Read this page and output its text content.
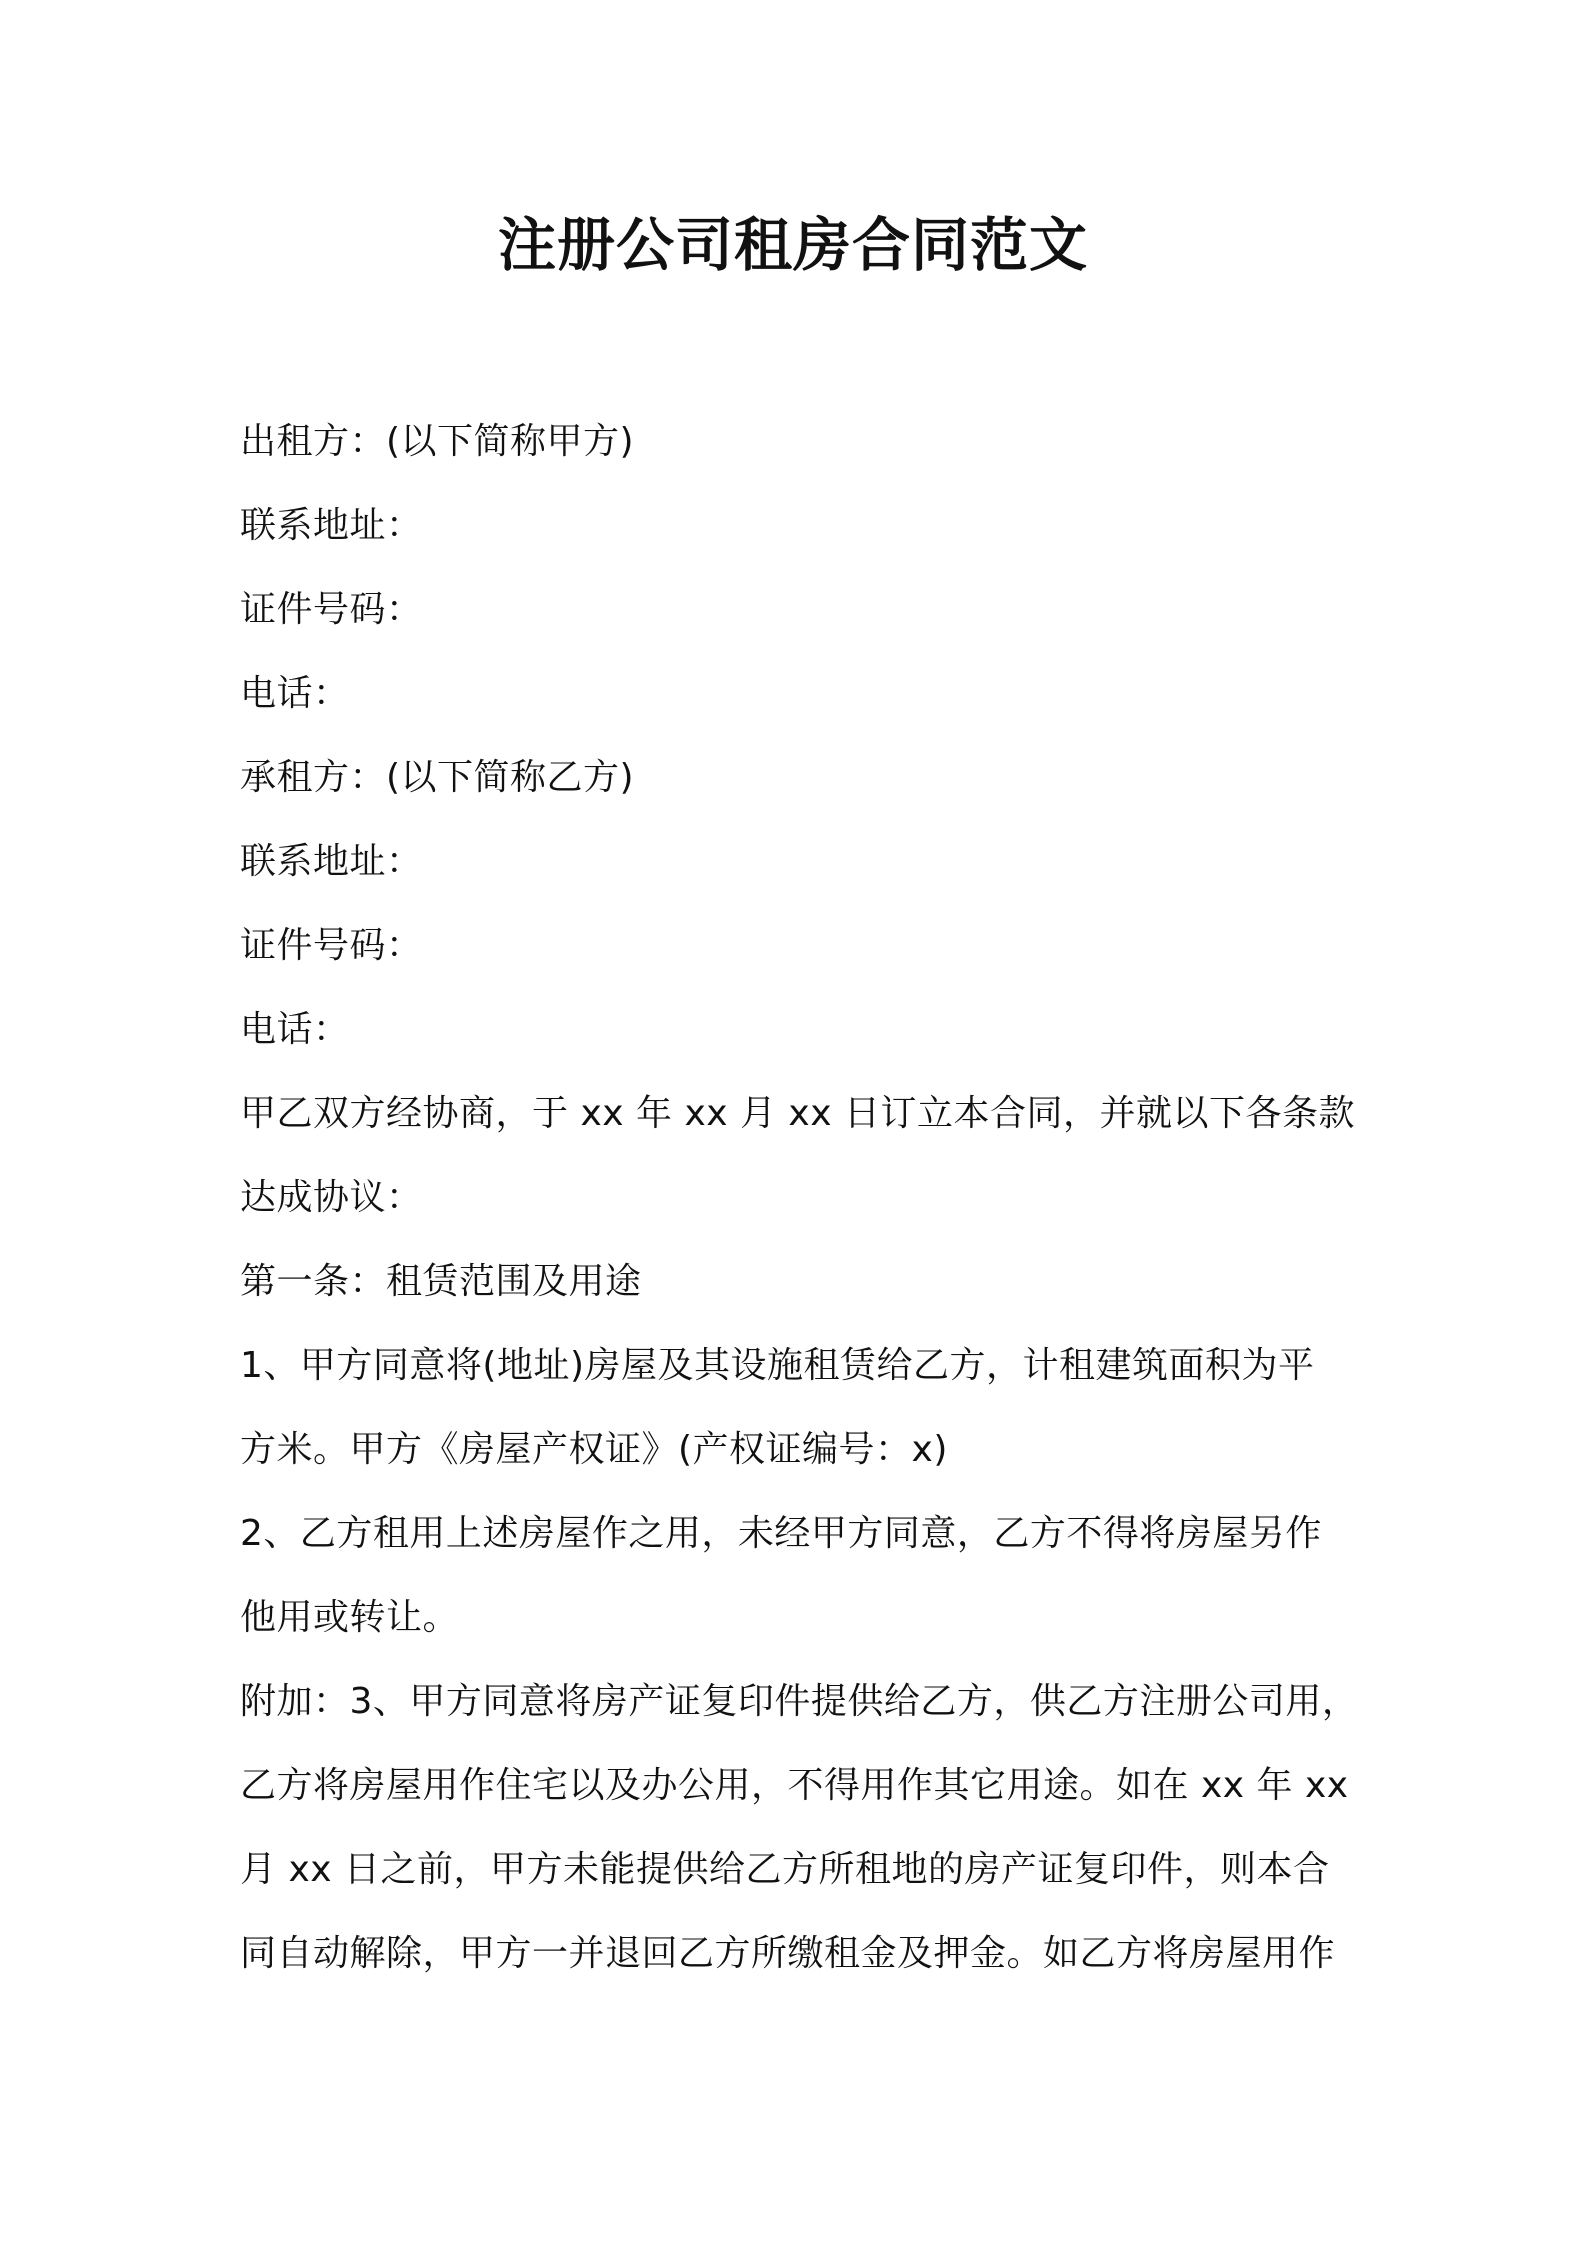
注册公司租房合同范文
出租方：(以下简称甲方)
联系地址：
证件号码：
电话：
承租方：(以下简称乙方)
联系地址：
证件号码：
电话：
甲乙双方经协商，于 xx 年 xx 月 xx 日订立本合同，并就以下各条款
达成协议：
第一条：租赁范围及用途
1、甲方同意将(地址)房屋及其设施租赁给乙方，计租建筑面积为平
方米。甲方《房屋产权证》(产权证编号：x)
2、乙方租用上述房屋作之用，未经甲方同意，乙方不得将房屋另作
他用或转让。
附加：3、甲方同意将房产证复印件提供给乙方，供乙方注册公司用，
乙方将房屋用作住宅以及办公用，不得用作其它用途。如在 xx 年 xx
月 xx 日之前，甲方未能提供给乙方所租地的房产证复印件，则本合
同自动解除，甲方一并退回乙方所缴租金及押金。如乙方将房屋用作
